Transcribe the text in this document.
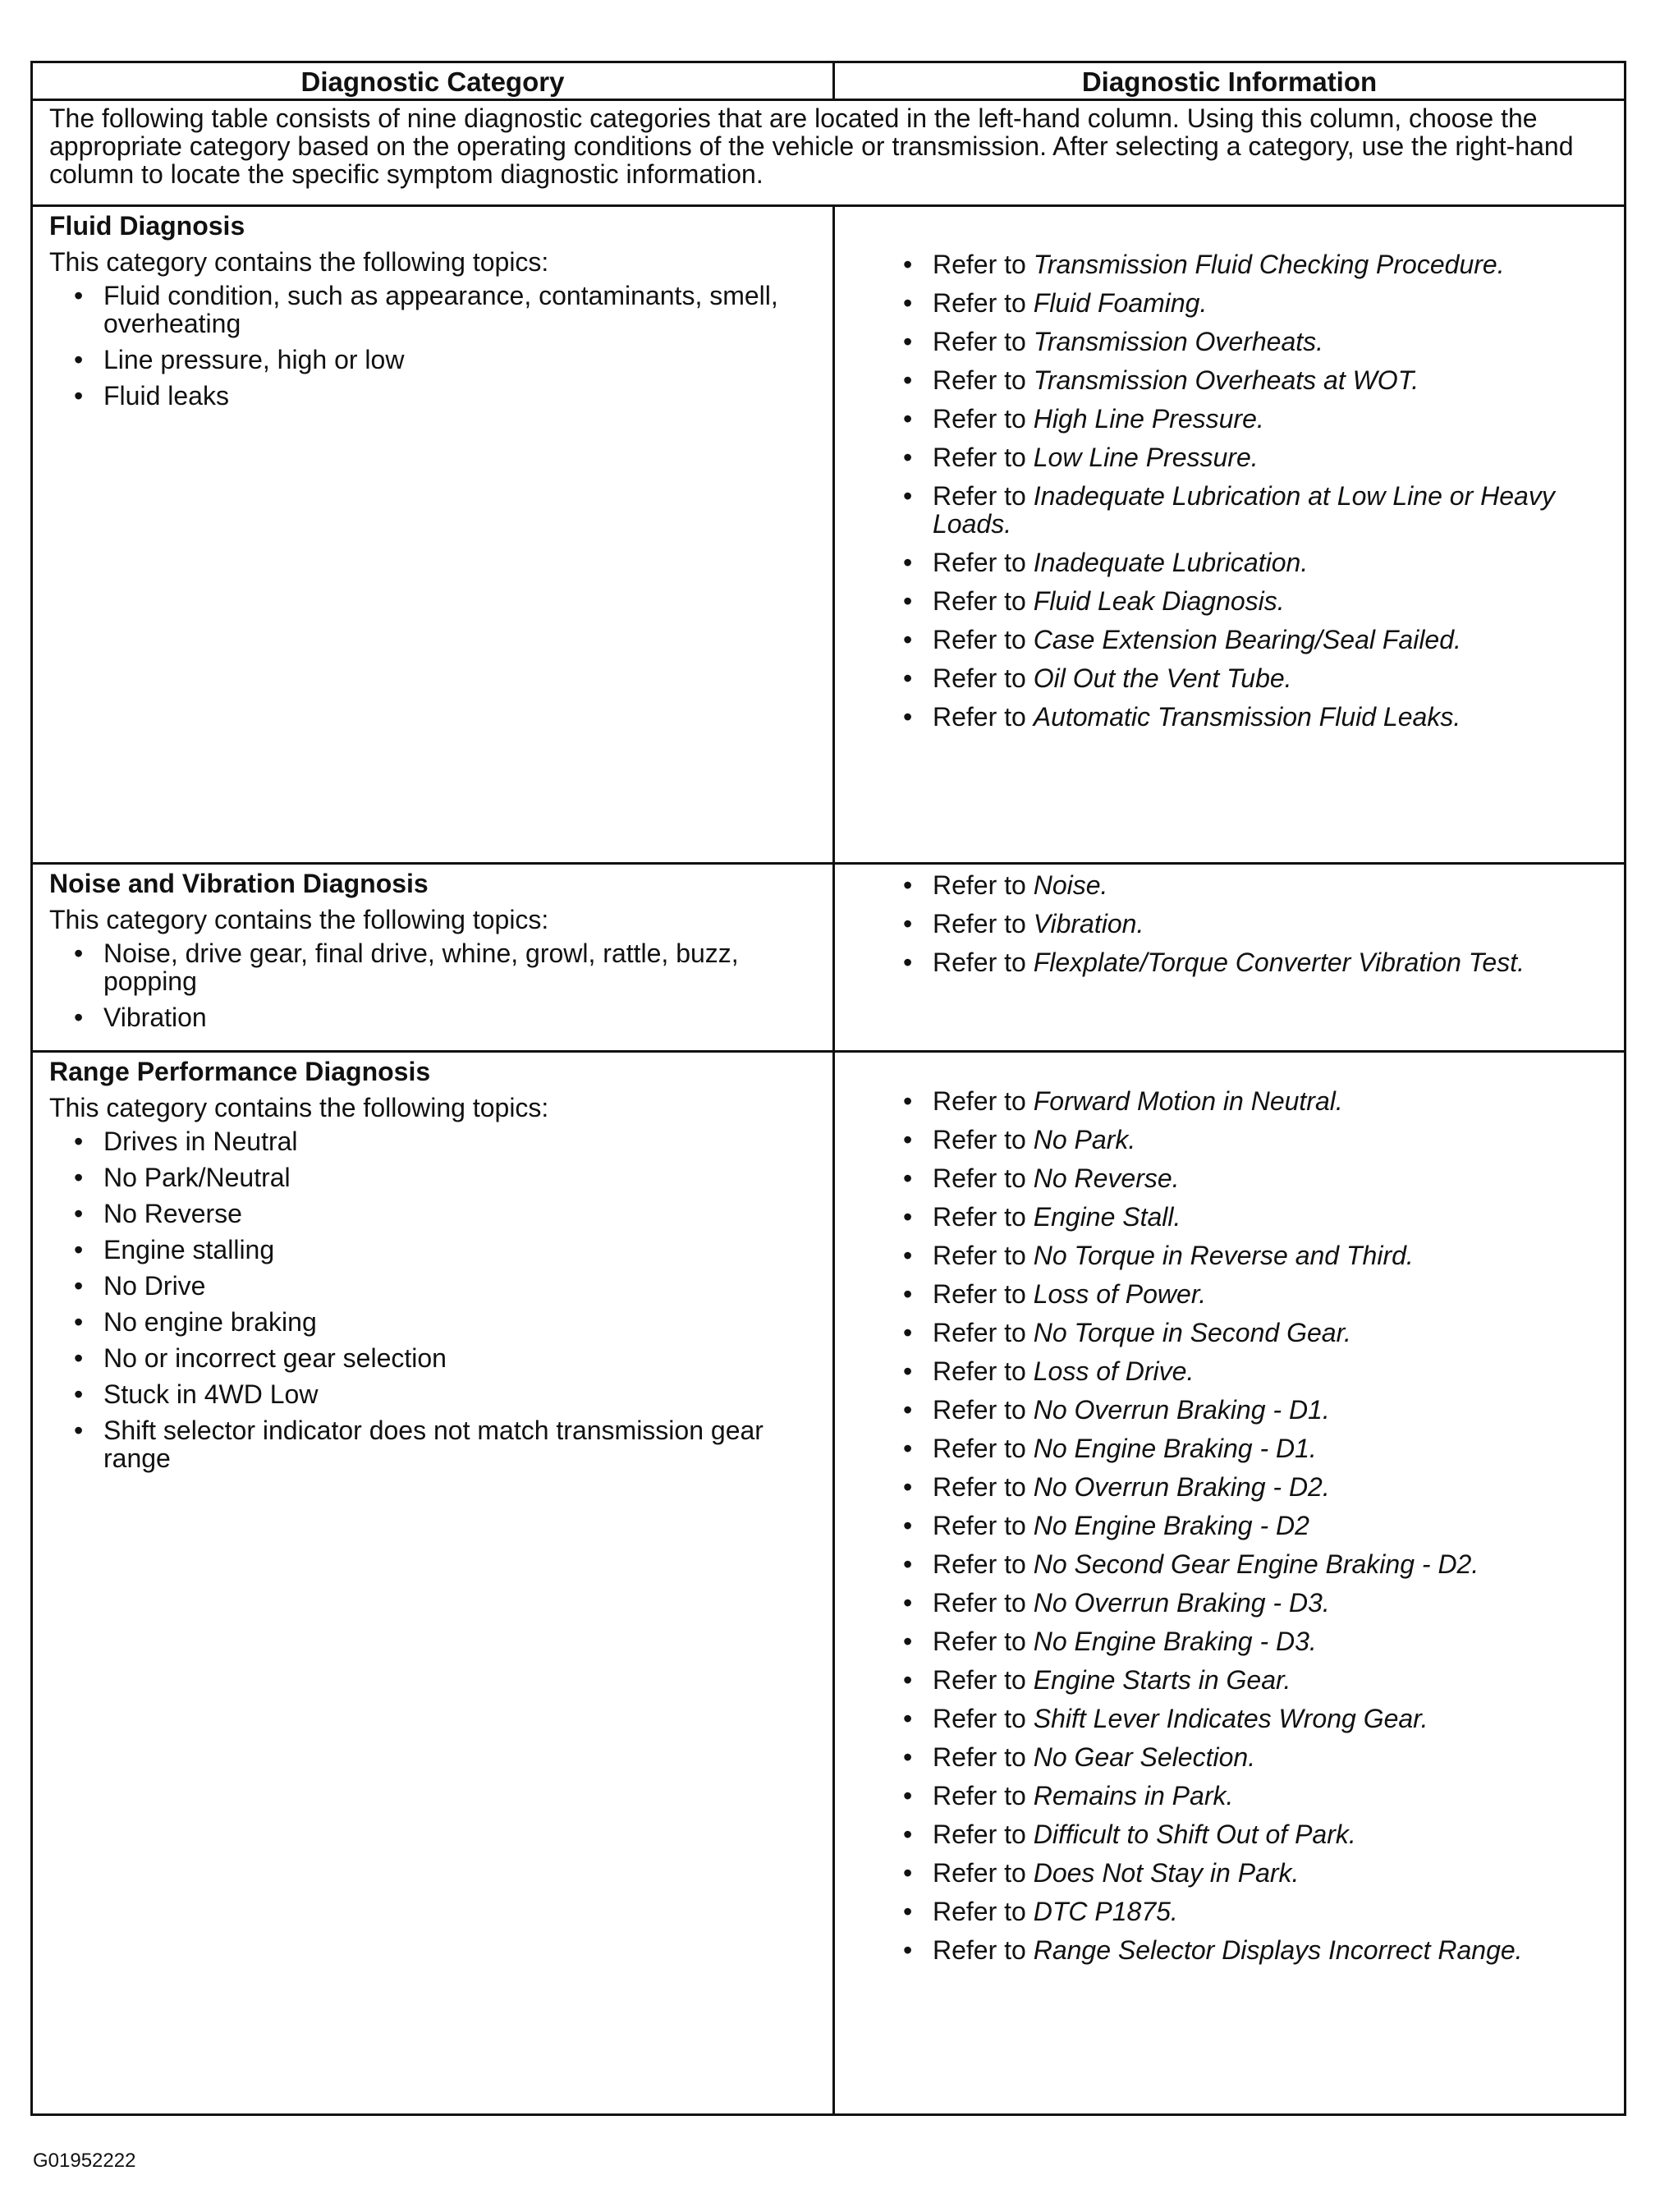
Diagnostic Category	Diagnostic Information
The following table consists of nine diagnostic categories that are located in the left-hand column. Using this column, choose the appropriate category based on the operating conditions of the vehicle or transmission. After selecting a category, use the right-hand column to locate the specific symptom diagnostic information.
Fluid Diagnosis
This category contains the following topics:
• Fluid condition, such as appearance, contaminants, smell, overheating
• Line pressure, high or low
• Fluid leaks
• Refer to Transmission Fluid Checking Procedure.
• Refer to Fluid Foaming.
• Refer to Transmission Overheats.
• Refer to Transmission Overheats at WOT.
• Refer to High Line Pressure.
• Refer to Low Line Pressure.
• Refer to Inadequate Lubrication at Low Line or Heavy Loads.
• Refer to Inadequate Lubrication.
• Refer to Fluid Leak Diagnosis.
• Refer to Case Extension Bearing/Seal Failed.
• Refer to Oil Out the Vent Tube.
• Refer to Automatic Transmission Fluid Leaks.
Noise and Vibration Diagnosis
This category contains the following topics:
• Noise, drive gear, final drive, whine, growl, rattle, buzz, popping
• Vibration
• Refer to Noise.
• Refer to Vibration.
• Refer to Flexplate/Torque Converter Vibration Test.
Range Performance Diagnosis
This category contains the following topics:
• Drives in Neutral
• No Park/Neutral
• No Reverse
• Engine stalling
• No Drive
• No engine braking
• No or incorrect gear selection
• Stuck in 4WD Low
• Shift selector indicator does not match transmission gear range
• Refer to Forward Motion in Neutral.
• Refer to No Park.
• Refer to No Reverse.
• Refer to Engine Stall.
• Refer to No Torque in Reverse and Third.
• Refer to Loss of Power.
• Refer to No Torque in Second Gear.
• Refer to Loss of Drive.
• Refer to No Overrun Braking - D1.
• Refer to No Engine Braking - D1.
• Refer to No Overrun Braking - D2.
• Refer to No Engine Braking - D2
• Refer to No Second Gear Engine Braking - D2.
• Refer to No Overrun Braking - D3.
• Refer to No Engine Braking - D3.
• Refer to Engine Starts in Gear.
• Refer to Shift Lever Indicates Wrong Gear.
• Refer to No Gear Selection.
• Refer to Remains in Park.
• Refer to Difficult to Shift Out of Park.
• Refer to Does Not Stay in Park.
• Refer to DTC P1875.
• Refer to Range Selector Displays Incorrect Range.
G01952222
